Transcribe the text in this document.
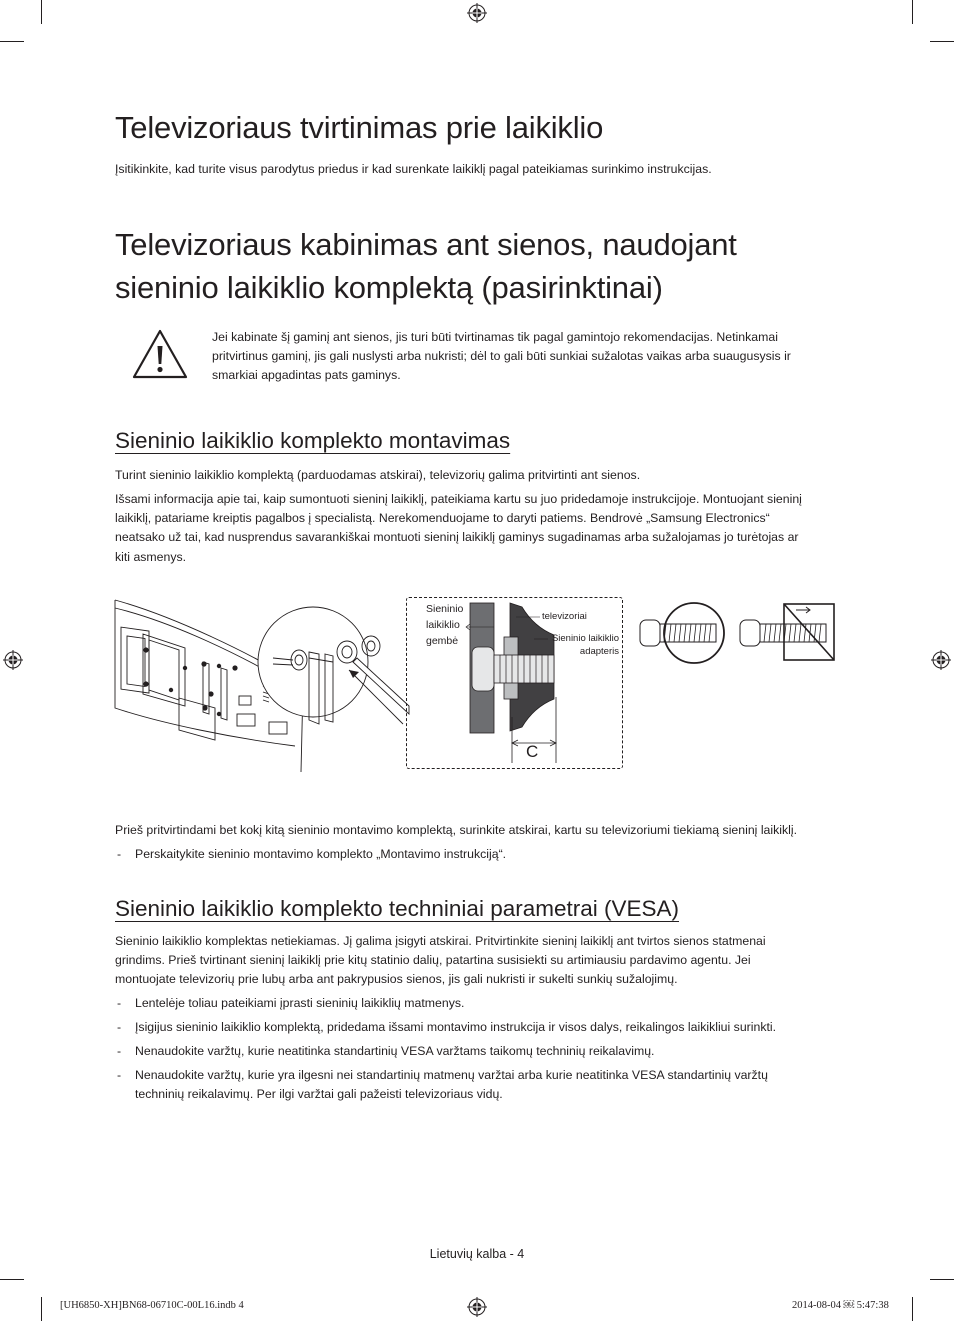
Televizoriaus tvirtinimas prie laikiklio

Įsitikinkite, kad turite visus parodytus priedus ir kad surenkate laikiklį pagal pateikiamas surinkimo instrukcijas.

Televizoriaus kabinimas ant sienos, naudojant
sieninio laikiklio komplektą (pasirinktinai)

Jei kabinate šį gaminį ant sienos, jis turi būti tvirtinamas tik pagal gamintojo rekomendacijas. Netinkamai

pritvirtinus gaminį, jis gali nuslysti arba nukristi; dėl to gali būti sunkiai sužalotas vaikas arba suaugusysis ir

smarkiai apgadintas pats gaminys.

Sieninio laikiklio komplekto montavimas

Turint sieninio laikiklio komplektą (parduodamas atskirai), televizorių galima pritvirtinti ant sienos.

Išsami informacija apie tai, kaip sumontuoti sieninį laikiklį, pateikiama kartu su juo pridedamoje instrukcijoje. Montuojant sieninį

laikiklį, patariame kreiptis pagalbos į specialistą. Nerekomenduojame to daryti patiems. Bendrovė „Samsung Electronics“

neatsako už tai, kad nusprendus savarankiškai montuoti sieninį laikiklį gaminys sugadinamas arba sužalojamas jo turėtojas ar

kiti asmenys.

Sieninio
laikiklio
gembė
televizoriai
Sieninio laikiklio
adapteris
C

Prieš pritvirtindami bet kokį kitą sieninio montavimo komplektą, surinkite atskirai, kartu su televizoriumi tiekiamą sieninį laikiklį.

- Perskaitykite sieninio montavimo komplekto „Montavimo instrukciją“.
Sieninio laikiklio komplekto techniniai parametrai (VESA)

Sieninio laikiklio komplektas netiekiamas. Jį galima įsigyti atskirai. Pritvirtinkite sieninį laikiklį ant tvirtos sienos statmenai

grindims. Prieš tvirtinant sieninį laikiklį prie kitų statinio dalių, patartina susisiekti su artimiausiu pardavimo agentu. Jei

montuojate televizorių prie lubų arba ant pakrypusios sienos, jis gali nukristi ir sukelti sunkių sužalojimų.

- Lentelėje toliau pateikiami įprasti sieninių laikiklių matmenys.
- Įsigijus sieninio laikiklio komplektą, pridedama išsami montavimo instrukcija ir visos dalys, reikalingos laikikliui surinkti.
- Nenaudokite varžtų, kurie neatitinka standartinių VESA varžtams taikomų techninių reikalavimų.
- Nenaudokite varžtų, kurie yra ilgesni nei standartinių matmenų varžtai arba kurie neatitinka VESA standartinių varžtų
techninių reikalavimų. Per ilgi varžtai gali pažeisti televizoriaus vidų.
Lietuvių kalba - 4
[UH6850-XH]BN68-06710C-00L16.indb 4	2014-08-04 ￼ 5:47:38
